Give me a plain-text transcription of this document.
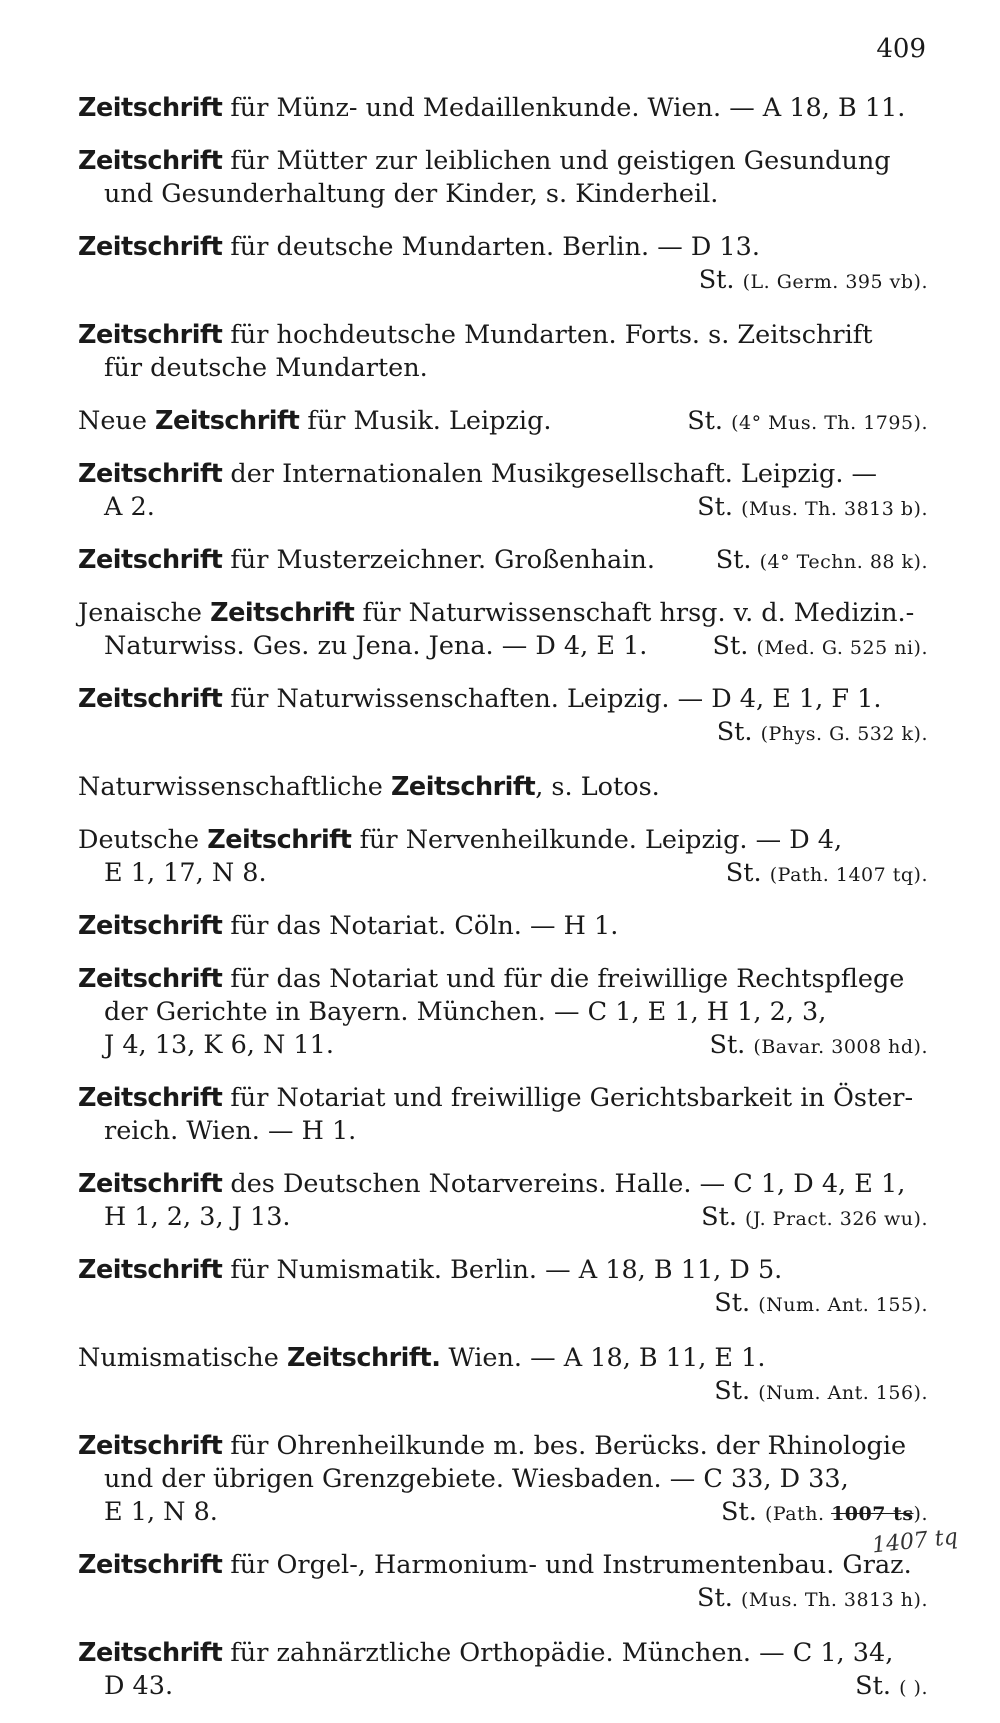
409
Zeitschrift für Münz- und Medaillenkunde. Wien. — A 18, B 11.
Zeitschrift für Mütter zur leiblichen und geistigen Gesundung
und Gesunderhaltung der Kinder, s. Kinderheil.
Zeitschrift für deutsche Mundarten. Berlin. — D 13.
St. (L. Germ. 395 vb).
Zeitschrift für hochdeutsche Mundarten. Forts. s. Zeitschrift
für deutsche Mundarten.
Neue Zeitschrift für Musik. Leipzig.	St. (4° Mus. Th. 1795).
Zeitschrift der Internationalen Musikgesellschaft. Leipzig. —
A 2.	St. (Mus. Th. 3813 b).
Zeitschrift für Musterzeichner. Großenhain. St. (4° Techn. 88 k).
Jenaische Zeitschrift für Naturwissenschaft hrsg. v. d. Medizin.-
Naturwiss. Ges. zu Jena. Jena. — D 4, E 1.	St. (Med. G. 525 ni).
Zeitschrift für Naturwissenschaften. Leipzig. — D 4, E 1, F 1.
St. (Phys. G. 532 k).
Naturwissenschaftliche Zeitschrift, s. Lotos.
Deutsche Zeitschrift für Nervenheilkunde. Leipzig. — D 4,
E 1, 17, N 8.	St. (Path. 1407 tq).
Zeitschrift für das Notariat. Cöln. — H 1.
Zeitschrift für das Notariat und für die freiwillige Rechtspflege
der Gerichte in Bayern. München. — C 1, E 1, H 1, 2, 3,
J 4, 13, K 6, N 11.	St. (Bavar. 3008 hd).
Zeitschrift für Notariat und freiwillige Gerichtsbarkeit in Öster-
reich. Wien. — H 1.
Zeitschrift des Deutschen Notarvereins. Halle. — C 1, D 4, E 1,
H 1, 2, 3, J 13.	St. (J. Pract. 326 wu).
Zeitschrift für Numismatik. Berlin. — A 18, B 11, D 5.
St. (Num. Ant. 155).
Numismatische Zeitschrift. Wien. — A 18, B 11, E 1.
St. (Num. Ant. 156).
Zeitschrift für Ohrenheilkunde m. bes. Berücks. der Rhinologie
und der übrigen Grenzgebiete. Wiesbaden. — C 33, D 33,
E 1, N 8.	St. (Path. 1007 ts).
1407 tq
Zeitschrift für Orgel-, Harmonium- und Instrumentenbau. Graz.
St. (Mus. Th. 3813 h).
Zeitschrift für zahnärztliche Orthopädie. München. — C 1, 34,
D 43.	St. ( ).
